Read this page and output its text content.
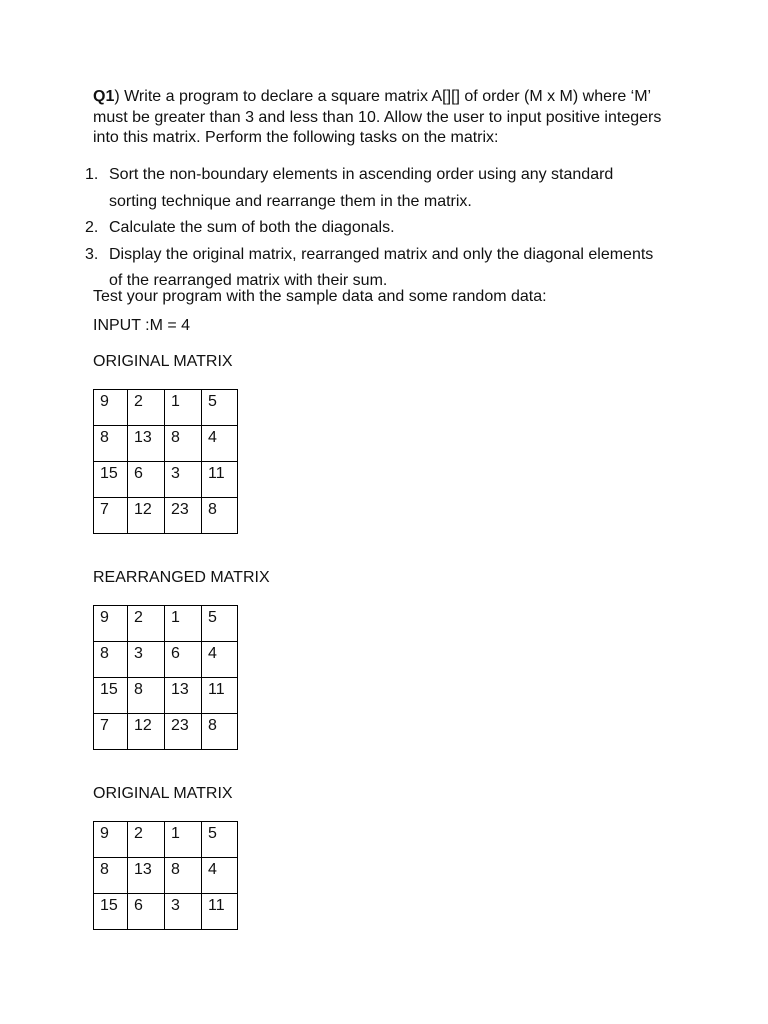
Q1) Write a program to declare a square matrix A[][] of order (M x M) where ‘M’ must be greater than 3 and less than 10. Allow the user to input positive integers into this matrix. Perform the following tasks on the matrix:
1. Sort the non-boundary elements in ascending order using any standard sorting technique and rearrange them in the matrix.
2. Calculate the sum of both the diagonals.
3. Display the original matrix, rearranged matrix and only the diagonal elements of the rearranged matrix with their sum.
Test your program with the sample data and some random data:
INPUT :M = 4
ORIGINAL MATRIX
9	2	1	5
8	13	8	4
15	6	3	11
7	12	23	8
REARRANGED MATRIX
9	2	1	5
8	3	6	4
15	8	13	11
7	12	23	8
ORIGINAL MATRIX
9	2	1	5
8	13	8	4
15	6	3	11
